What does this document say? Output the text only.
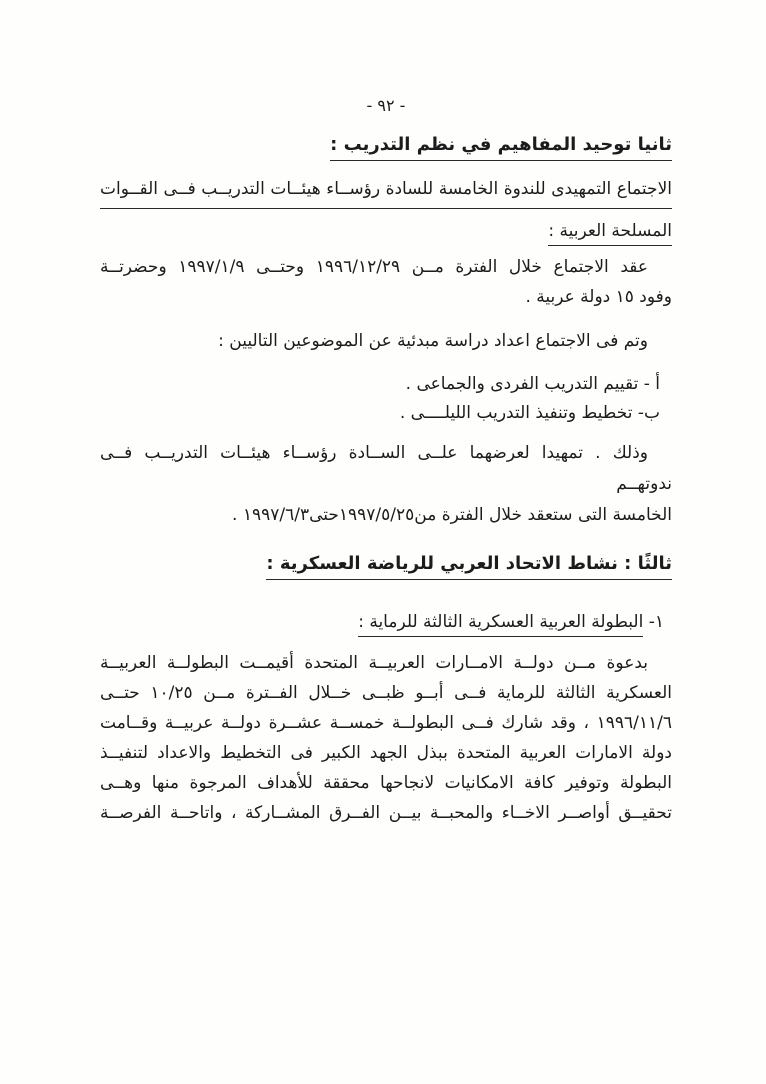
- ٩٢ -
ثانيا توحيد المفاهيم في نظم التدريب :
الاجتماع التمهيدى للندوة الخامسة للسادة رؤســاء هيئــات التدريــب فــى القــوات
المسلحة العربية :
عقد الاجتماع خلال الفترة مــن ١٩٩٦/١٢/٢٩ وحتــى ١٩٩٧/١/٩ وحضرتــة
وفود ١٥ دولة عربية .
وتم فى الاجتماع اعداد دراسة مبدئية عن الموضوعين التاليين :
أ - تقييم التدريب الفردى والجماعى .
ب- تخطيط وتنفيذ التدريب الليلــــى .
وذلك . تمهيدا لعرضهما علــى الســادة رؤســاء هيئــات التدريــب فــى ندوتهــم
الخامسة التى ستعقد خلال الفترة من١٩٩٧/٥/٢٥حتى١٩٩٧/٦/٣ .
ثالثًا : نشاط الاتحاد العربي للرياضة العسكرية :
١- البطولة العربية العسكرية الثالثة للرماية :
بدعوة مــن دولــة الامــارات العربيــة المتحدة أقيمــت البطولــة العربيــة
العسكرية الثالثة للرماية فــى أبــو ظبــى خــلال الفــترة مــن ١٠/٢٥ حتــى
١٩٩٦/١١/٦ ، وقد شارك فــى البطولــة خمســة عشــرة دولــة عربيــة وقــامت
دولة الامارات العربية المتحدة ببذل الجهد الكبير فى التخطيط والاعداد لتنفيــذ
البطولة وتوفير كافة الامكانيات لانجاحها محققة للأهداف المرجوة منها وهــى
تحقيــق أواصــر الاخــاء والمحبــة بيــن الفــرق المشــاركة ، واتاحــة الفرصــة
